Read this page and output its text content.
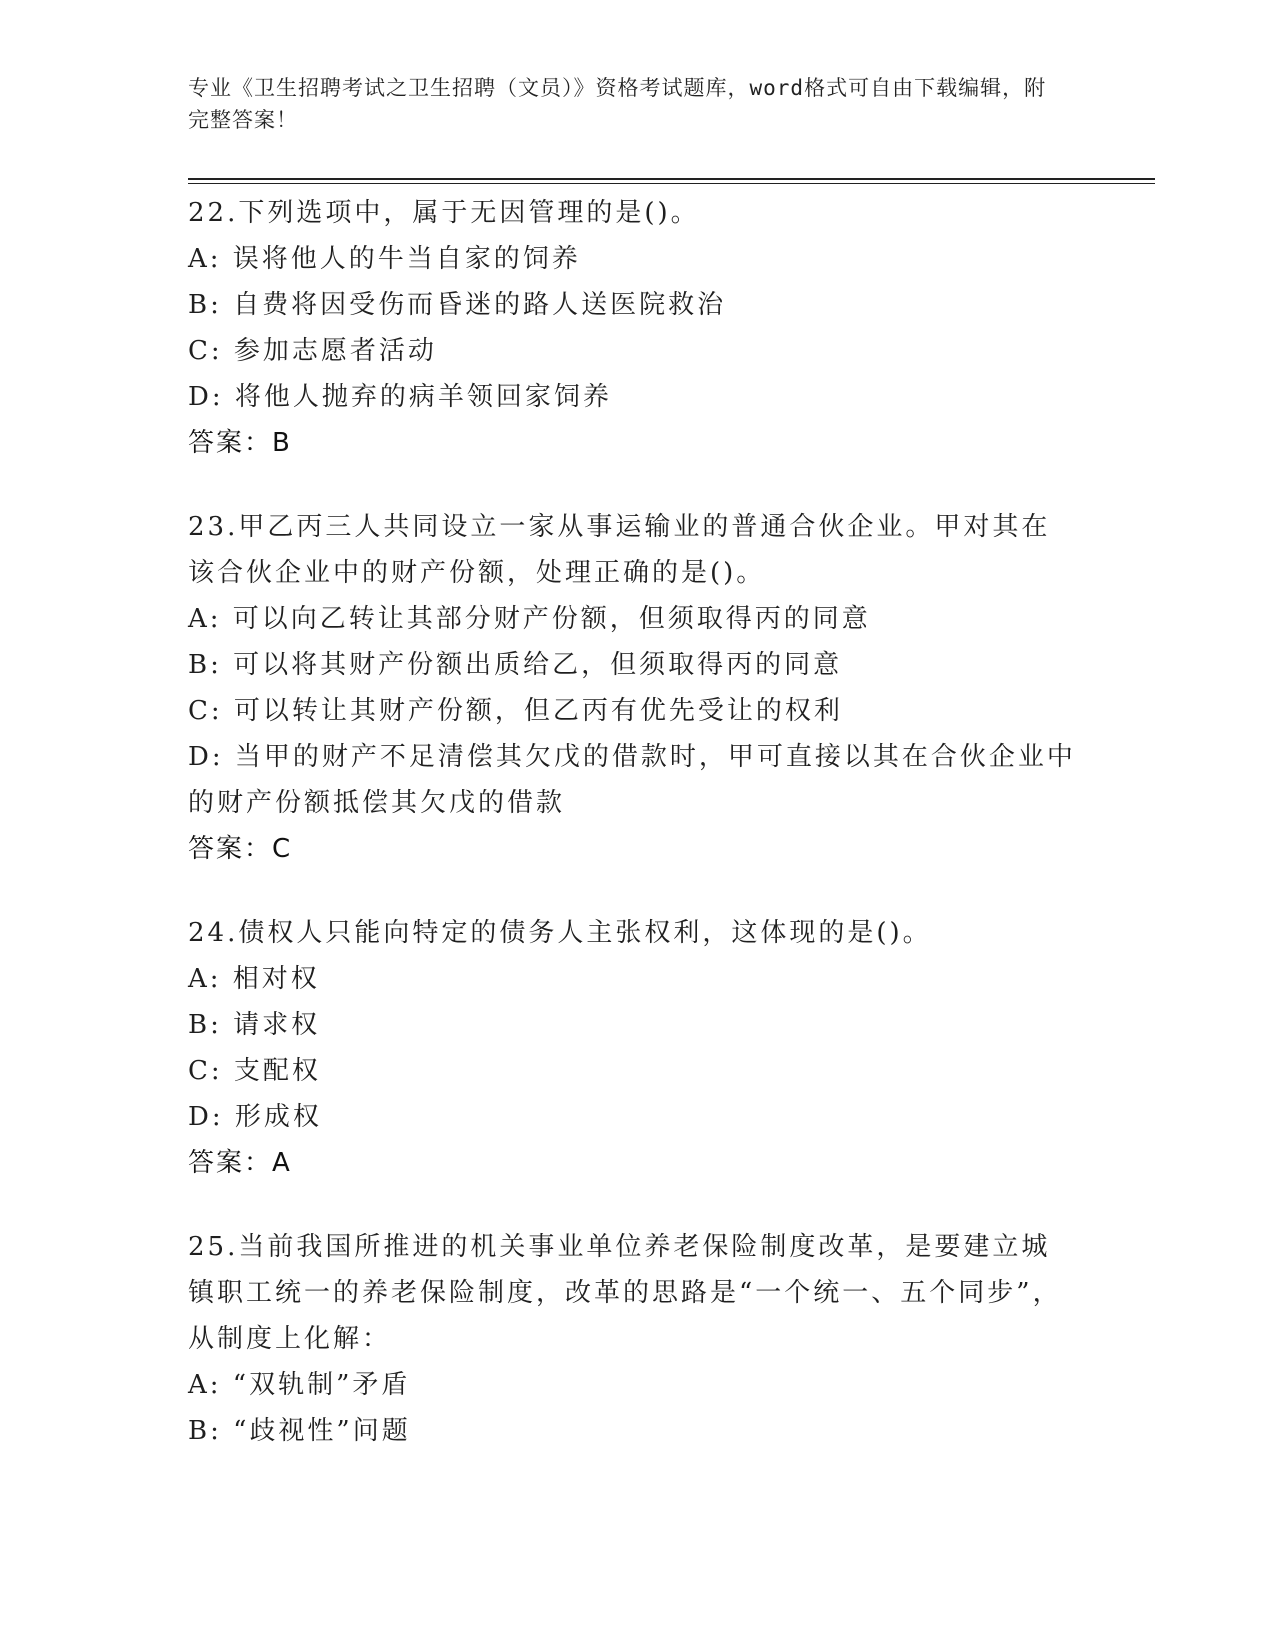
专业《卫生招聘考试之卫生招聘（文员）》资格考试题库，word格式可自由下载编辑，附完整答案！
22.下列选项中，属于无因管理的是()。
A: 误将他人的牛当自家的饲养
B: 自费将因受伤而昏迷的路人送医院救治
C: 参加志愿者活动
D: 将他人抛弃的病羊领回家饲养
答案：B
23.甲乙丙三人共同设立一家从事运输业的普通合伙企业。甲对其在该合伙企业中的财产份额，处理正确的是()。
A: 可以向乙转让其部分财产份额，但须取得丙的同意
B: 可以将其财产份额出质给乙，但须取得丙的同意
C: 可以转让其财产份额，但乙丙有优先受让的权利
D: 当甲的财产不足清偿其欠戊的借款时，甲可直接以其在合伙企业中的财产份额抵偿其欠戊的借款
答案：C
24.债权人只能向特定的债务人主张权利，这体现的是()。
A: 相对权
B: 请求权
C: 支配权
D: 形成权
答案：A
25.当前我国所推进的机关事业单位养老保险制度改革，是要建立城镇职工统一的养老保险制度，改革的思路是“一个统一、五个同步”，从制度上化解：
A: “双轨制”矛盾
B: “歧视性”问题
